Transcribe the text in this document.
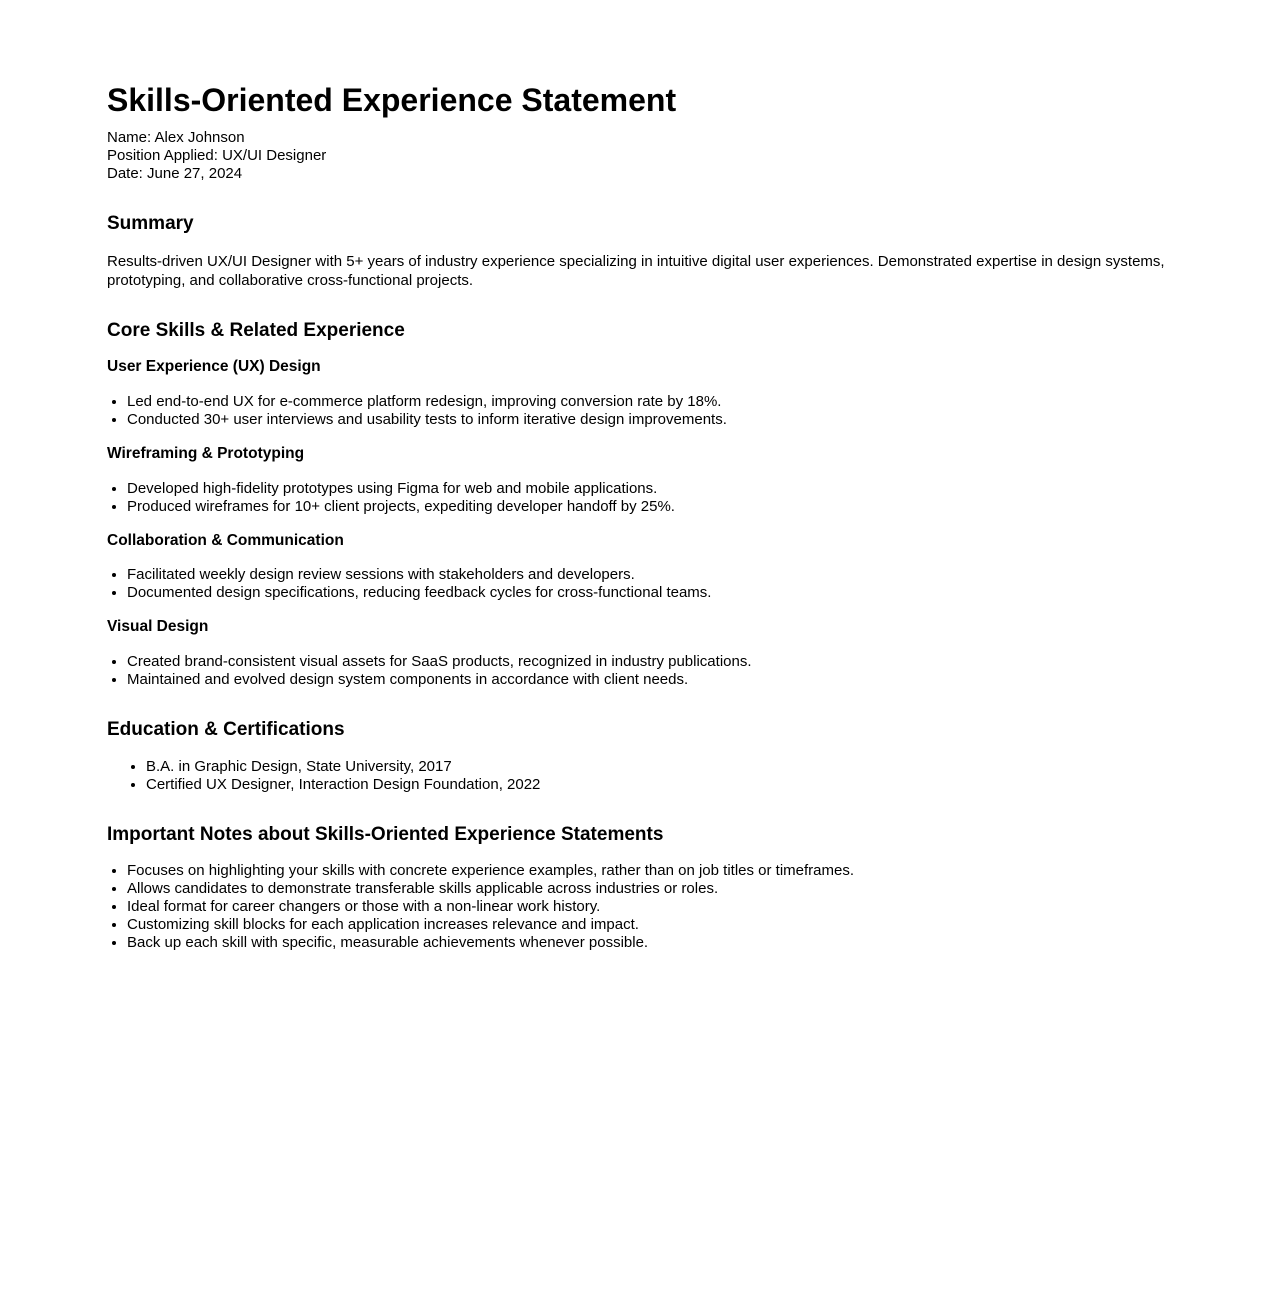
Skills-Oriented Experience Statement
Name: Alex Johnson
Position Applied: UX/UI Designer
Date: June 27, 2024
Summary

Results-driven UX/UI Designer with 5+ years of industry experience specializing in intuitive digital user experiences. Demonstrated expertise in design systems, prototyping, and collaborative cross-functional projects.

Core Skills & Related Experience
User Experience (UX) Design
• Led end-to-end UX for e-commerce platform redesign, improving conversion rate by 18%.
• Conducted 30+ user interviews and usability tests to inform iterative design improvements.
Wireframing & Prototyping
• Developed high-fidelity prototypes using Figma for web and mobile applications.
• Produced wireframes for 10+ client projects, expediting developer handoff by 25%.
Collaboration & Communication
• Facilitated weekly design review sessions with stakeholders and developers.
• Documented design specifications, reducing feedback cycles for cross-functional teams.
Visual Design
• Created brand-consistent visual assets for SaaS products, recognized in industry publications.
• Maintained and evolved design system components in accordance with client needs.
Education & Certifications
• B.A. in Graphic Design, State University, 2017
• Certified UX Designer, Interaction Design Foundation, 2022
Important Notes about Skills-Oriented Experience Statements
• Focuses on highlighting your skills with concrete experience examples, rather than on job titles or timeframes.
• Allows candidates to demonstrate transferable skills applicable across industries or roles.
• Ideal format for career changers or those with a non-linear work history.
• Customizing skill blocks for each application increases relevance and impact.
• Back up each skill with specific, measurable achievements whenever possible.
